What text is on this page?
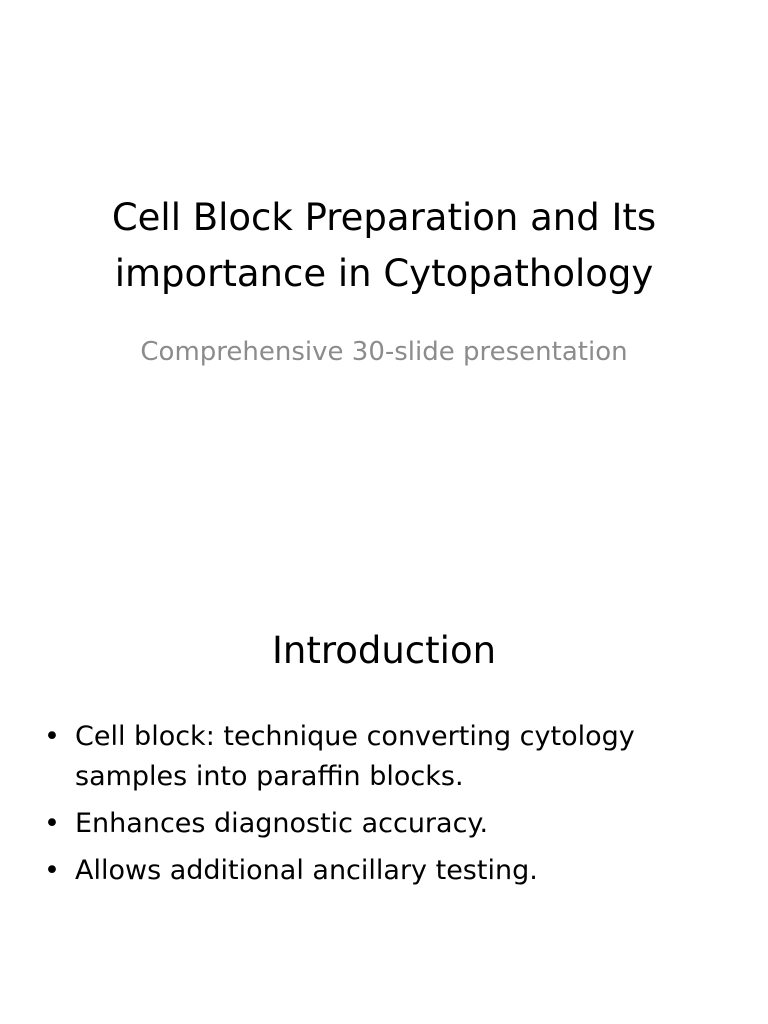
Cell Block Preparation and Its
importance in Cytopathology

Comprehensive 30-slide presentation

Introduction
• Cell block: technique converting cytology
samples into paraffin blocks.
• Enhances diagnostic accuracy.
• Allows additional ancillary testing.
